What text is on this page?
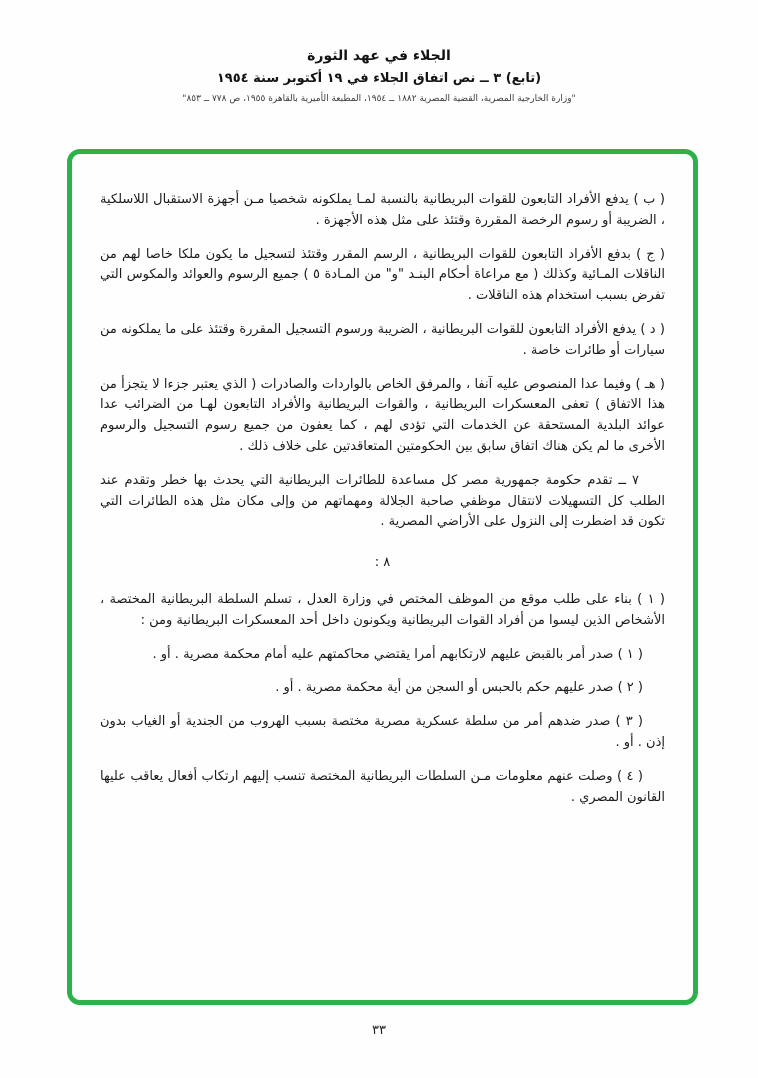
الجلاء في عهد الثورة
(تابع) ٣ ــ نص اتفاق الجلاء في ١٩ أكتوبر سنة ١٩٥٤
"وزارة الخارجية المصرية، القضية المصرية ١٨٨٢ ــ ١٩٥٤، المطبعة الأميرية بالقاهرة ١٩٥٥، ص ٧٧٨ ــ ٨٥٣"
( ب ) يدفع الأفراد التابعون للقوات البريطانية بالنسبة لمـا يملكونه شخصيا مـن أجهزة الاستقبال اللاسلكية ، الضريبة أو رسوم الرخصة المقررة وقتئذ على مثل هذه الأجهزة .
( ج ) بدفع الأفراد التابعون للقوات البريطانية ، الرسم المقرر وقتئذ لتسجيل ما يكون ملكا خاصا لهم من الناقلات المـائية وكذلك ( مع مراعاة أحكام البنـد "و" من المـادة ٥ ) جميع الرسوم والعوائد والمكوس التي تفرض بسبب استخدام هذه الناقلات .
( د ) يدفع الأفراد التابعون للقوات البريطانية ، الضريبة ورسوم التسجيل المقررة وقتئذ على ما يملكونه من سيارات أو طائرات خاصة .
( هـ ) وفيما عدا المنصوص عليه آنفا ، والمرفق الخاص بالواردات والصادرات ( الذي يعتبر جزءا لا يتجزأ من هذا الاتفاق ) تعفى المعسكرات البريطانية ، والقوات البريطانية والأفراد التابعون لهـا من الضرائب عدا عوائد البلدية المستحقة عن الخدمات التي تؤدى لهم ، كما يعفون من جميع رسوم التسجيل والرسوم الأخرى ما لم يكن هناك اتفاق سابق بين الحكومتين المتعاقدتين على خلاف ذلك .
٧ ــ تقدم حكومة جمهورية مصر كل مساعدة للطائرات البريطانية التي يحدث بها خطر وتقدم عند الطلب كل التسهيلات لانتقال موظفي صاحبة الجلالة ومهماتهم من وإلى مكان مثل هذه الطائرات التي تكون قد اضطرت إلى النزول على الأراضي المصرية .
٨ :
( ١ ) بناء على طلب موقع من الموظف المختص في وزارة العدل ، تسلم السلطة البريطانية المختصة ، الأشخاص الذين ليسوا من أفراد القوات البريطانية ويكونون داخل أحد المعسكرات البريطانية ومن :
( ١ ) صدر أمر بالقبض عليهم لارتكابهم أمرا يقتضي محاكمتهم عليه أمام محكمة مصرية . أو .
( ٢ ) صدر عليهم حكم بالحبس أو السجن من أية محكمة مصرية . أو .
( ٣ ) صدر ضدهم أمر من سلطة عسكرية مصرية مختصة بسبب الهروب من الجندية أو الغياب بدون إذن . أو .
( ٤ ) وصلت عنهم معلومات مـن السلطات البريطانية المختصة تنسب إليهم ارتكاب أفعال يعاقب عليها القانون المصري .
٣٣
